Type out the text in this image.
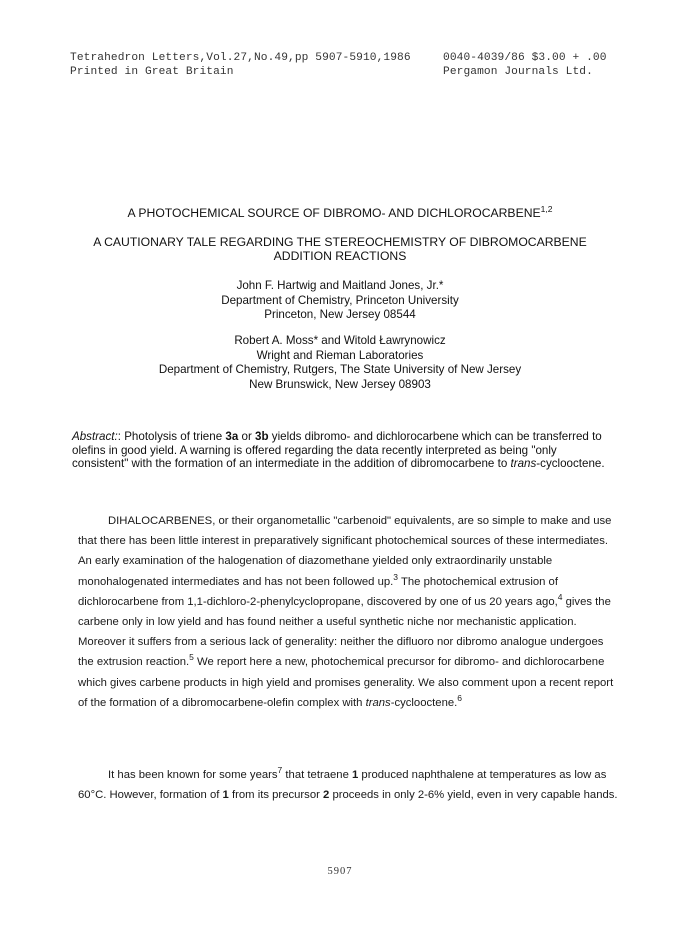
Tetrahedron Letters,Vol.27,No.49,pp 5907-5910,1986	0040-4039/86 $3.00 + .00
Printed in Great Britain	Pergamon Journals Ltd.
A PHOTOCHEMICAL SOURCE OF DIBROMO- AND DICHLOROCARBENE$^{1,2}$
A CAUTIONARY TALE REGARDING THE STEREOCHEMISTRY OF DIBROMOCARBENE
ADDITION REACTIONS
John F. Hartwig and Maitland Jones, Jr.*
Department of Chemistry, Princeton University
Princeton, New Jersey 08544
Robert A. Moss* and Witold Ławrynowicz
Wright and Rieman Laboratories
Department of Chemistry, Rutgers, The State University of New Jersey
New Brunswick, New Jersey 08903
Abstract:: Photolysis of triene 3a or 3b yields dibromo- and dichlorocarbene which can be transferred to olefins in good yield. A warning is offered regarding the data recently interpreted as being "only consistent" with the formation of an intermediate in the addition of dibromocarbene to trans-cyclooctene.
DIHALOCARBENES, or their organometallic "carbenoid" equivalents, are so simple to make and use that there has been little interest in preparatively significant photochemical sources of these intermediates. An early examination of the halogenation of diazomethane yielded only extraordinarily unstable monohalogenated intermediates and has not been followed up.$^3$ The photochemical extrusion of dichlorocarbene from 1,1-dichloro-2-phenylcyclopropane, discovered by one of us 20 years ago,$^4$ gives the carbene only in low yield and has found neither a useful synthetic niche nor mechanistic application. Moreover it suffers from a serious lack of generality: neither the difluoro nor dibromo analogue undergoes the extrusion reaction.$^5$ We report here a new, photochemical precursor for dibromo- and dichlorocarbene which gives carbene products in high yield and promises generality. We also comment upon a recent report of the formation of a dibromocarbene-olefin complex with trans-cyclooctene.$^6$
It has been known for some years$^7$ that tetraene 1 produced naphthalene at temperatures as low as 60°C. However, formation of 1 from its precursor 2 proceeds in only 2-6% yield, even in very capable hands.
5907
